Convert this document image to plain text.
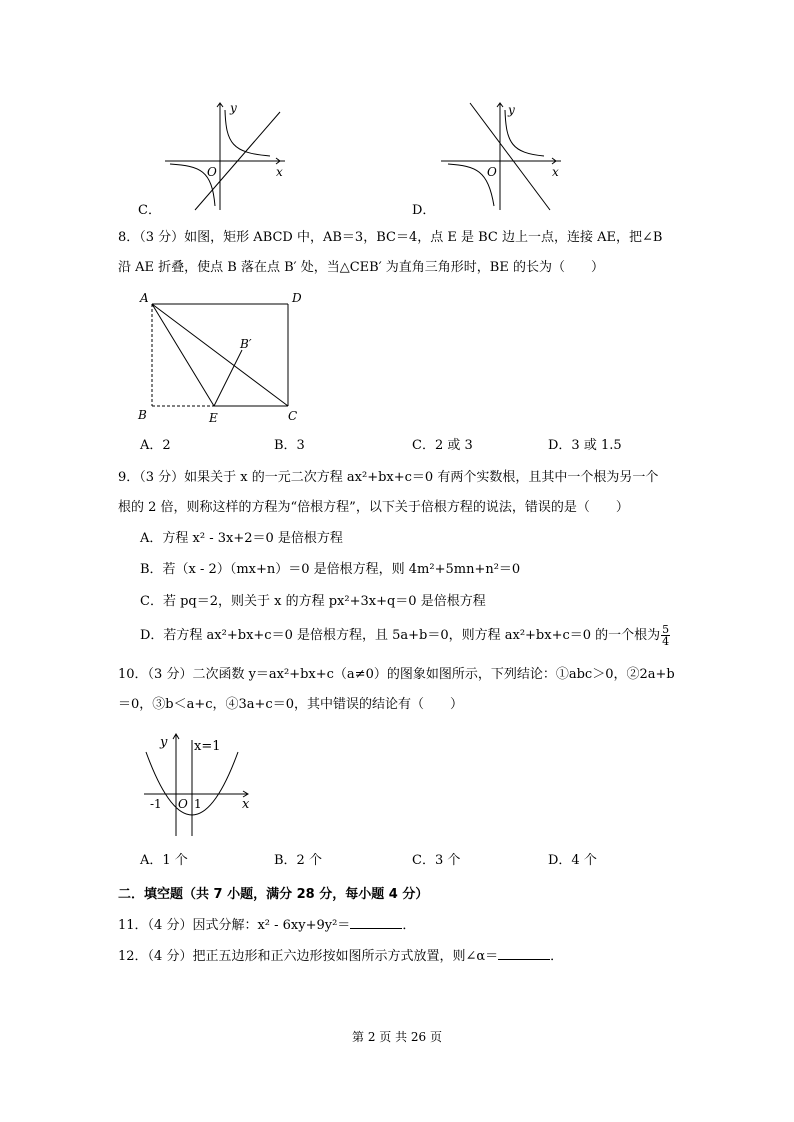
y
x
O
C．
y
x
O
D．
8．（3 分）如图，矩形 ABCD 中，AB＝3，BC＝4，点 E 是 BC 边上一点，连接 AE，把∠B
沿 AE 折叠，使点 B 落在点 B′ 处，当△CEB′ 为直角三角形时，BE 的长为（　　）
A	D
B	C
E
B′
A．2	B．3	C．2 或 3	D．3 或 1.5
9．（3 分）如果关于 x 的一元二次方程 ax²+bx+c＝0 有两个实数根，且其中一个根为另一个
根的 2 倍，则称这样的方程为“倍根方程”，以下关于倍根方程的说法，错误的是（　　）
A．方程 x² - 3x+2＝0 是倍根方程
B．若（x - 2）（mx+n）＝0 是倍根方程，则 4m²+5mn+n²＝0
C．若 pq＝2，则关于 x 的方程 px²+3x+q＝0 是倍根方程
D．若方程 ax²+bx+c＝0 是倍根方程，且 5a+b＝0，则方程 ax²+bx+c＝0 的一个根为 $\frac{5}{4}$
10．（3 分）二次函数 y＝ax²+bx+c（a≠0）的图象如图所示，下列结论：①abc＞0，②2a+b
＝0，③b＜a+c，④3a+c＝0，其中错误的结论有（　　）
y x=1
-1 O 1	x
A．1 个	B．2 个	C．3 个	D．4 个
二．填空题（共 7 小题，满分 28 分，每小题 4 分）
11．（4 分）因式分解：x² - 6xy+9y²＝	．
12．（4 分）把正五边形和正六边形按如图所示方式放置，则∠α＝	．
第 2 页 共 26 页
